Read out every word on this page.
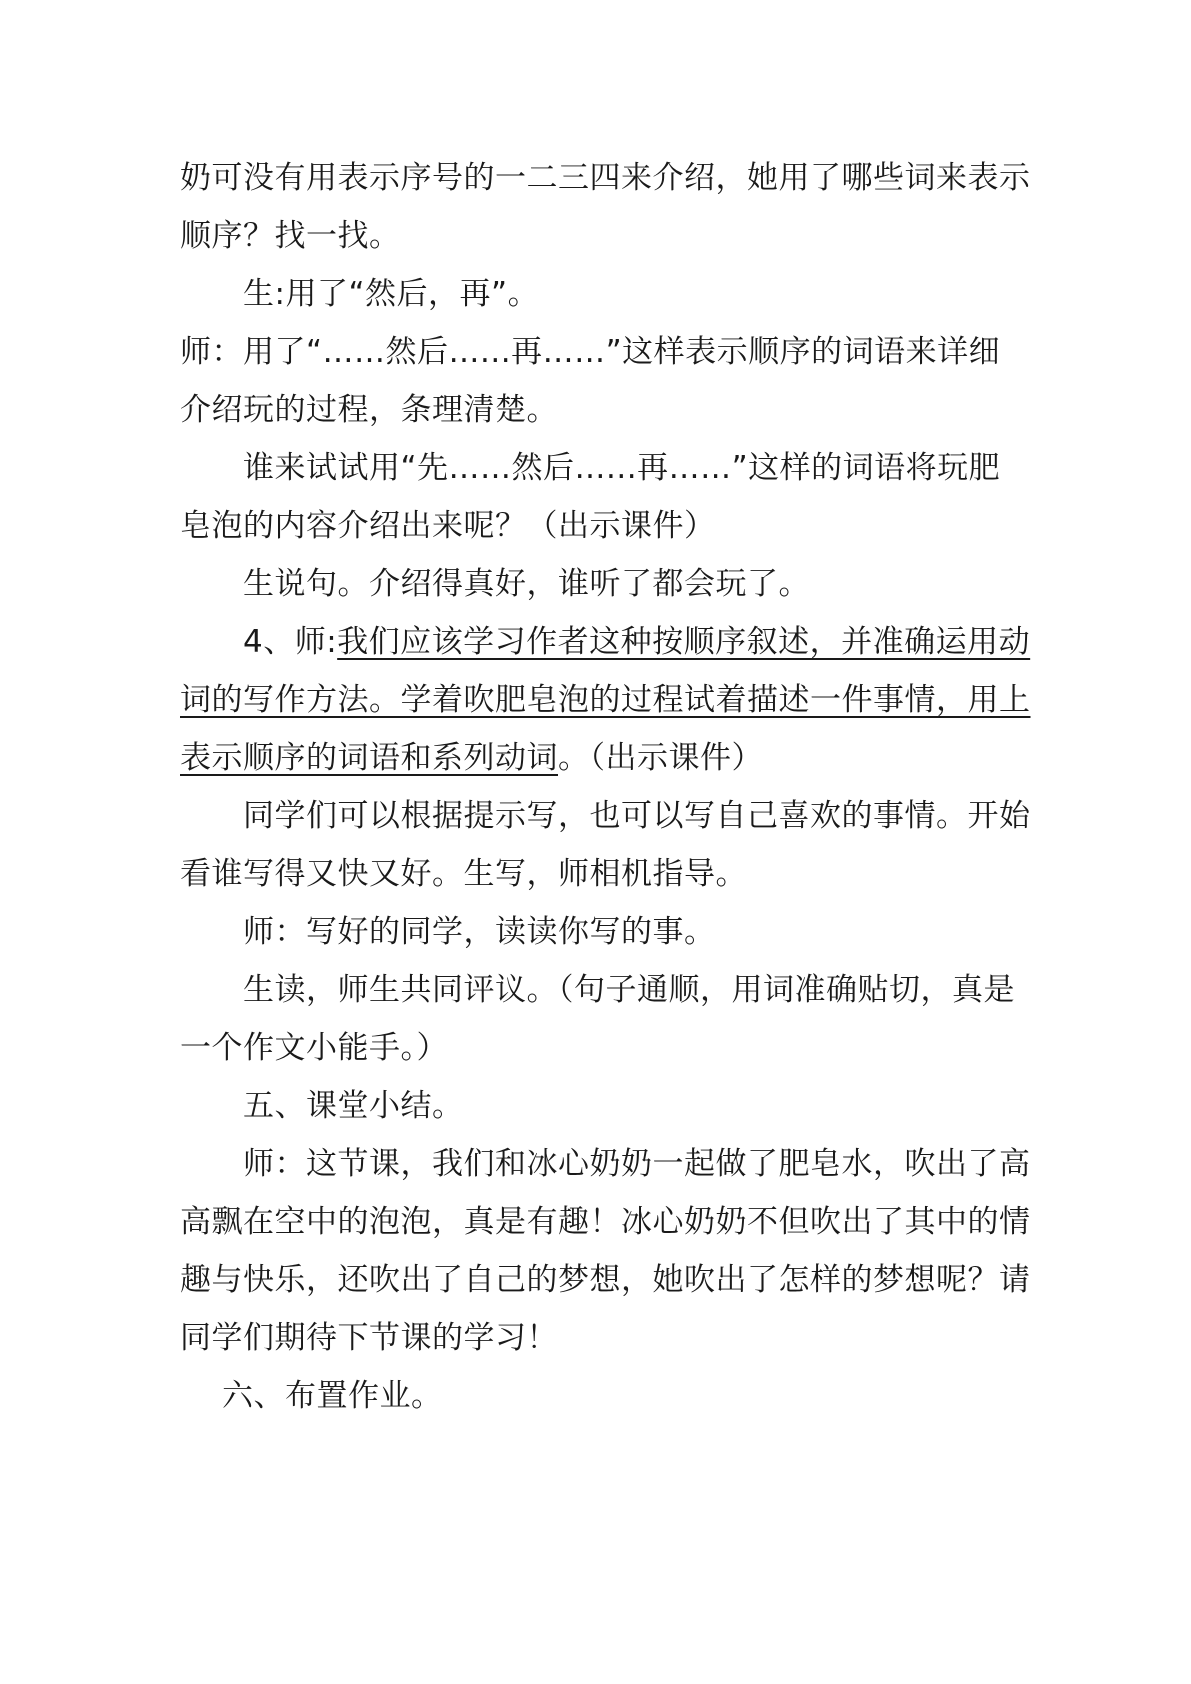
奶可没有用表示序号的一二三四来介绍，她用了哪些词来表示
顺序？找一找。
生:用了“然后，再”。
师：用了“……然后…...再……”这样表示顺序的词语来详细
介绍玩的过程，条理清楚。
谁来试试用“先……然后…...再……”这样的词语将玩肥
皂泡的内容介绍出来呢？（出示课件）
生说句。介绍得真好，谁听了都会玩了。
4、师:我们应该学习作者这种按顺序叙述，并准确运用动
词的写作方法。学着吹肥皂泡的过程试着描述一件事情，用上
表示顺序的词语和系列动词。（出示课件）
同学们可以根据提示写，也可以写自己喜欢的事情。开始
看谁写得又快又好。生写，师相机指导。
师：写好的同学，读读你写的事。
生读，师生共同评议。（句子通顺，用词准确贴切，真是
一个作文小能手。）
五、课堂小结。
师：这节课，我们和冰心奶奶一起做了肥皂水，吹出了高
高飘在空中的泡泡，真是有趣！冰心奶奶不但吹出了其中的情
趣与快乐，还吹出了自己的梦想，她吹出了怎样的梦想呢？请
同学们期待下节课的学习！
六、布置作业。
